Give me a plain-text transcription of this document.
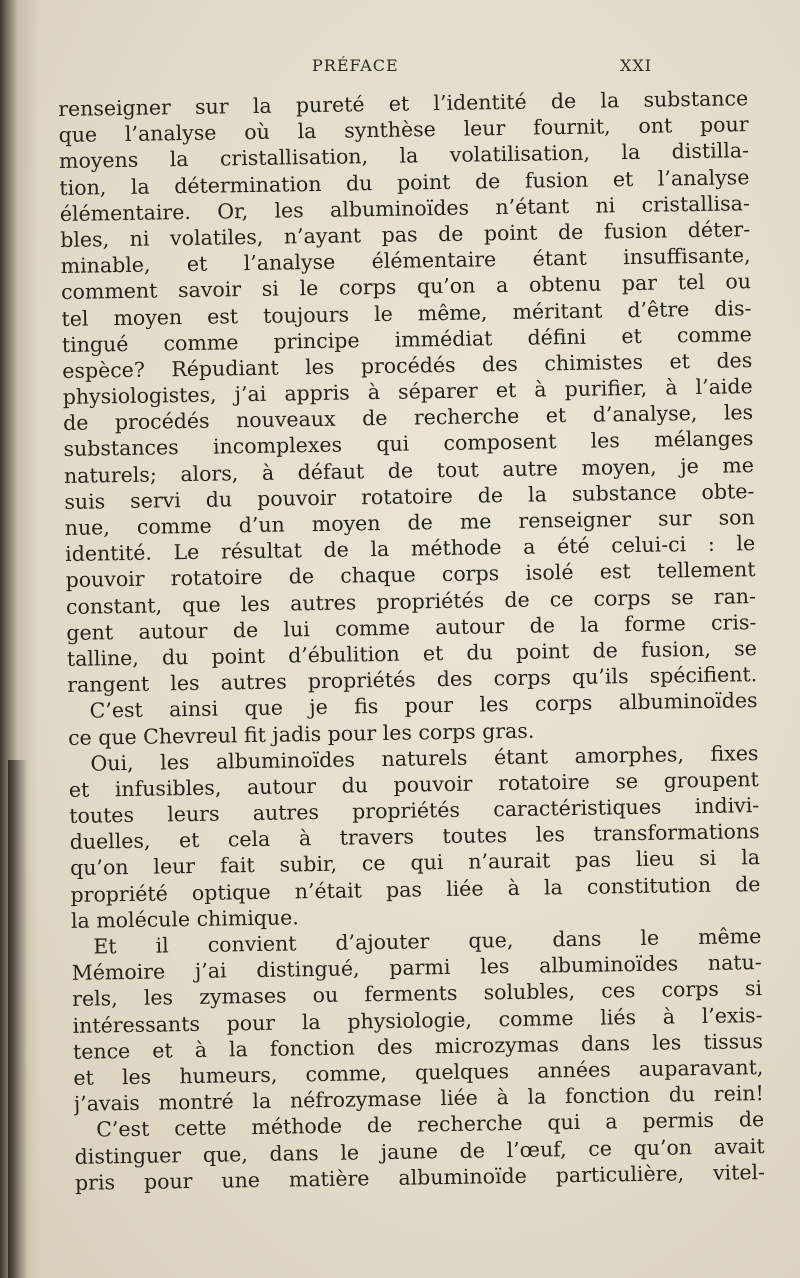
PRÉFACE	XXI
renseigner sur la pureté et l’identité de la substance
que l’analyse où la synthèse leur fournit, ont pour
moyens la cristallisation, la volatilisation, la distilla-
tion, la détermination du point de fusion et l’analyse
élémentaire. Or, les albuminoïdes n’étant ni cristallisa-
bles, ni volatiles, n’ayant pas de point de fusion déter-
minable, et l’analyse élémentaire étant insuffisante,
comment savoir si le corps qu’on a obtenu par tel ou
tel moyen est toujours le même, méritant d’être dis-
tingué comme principe immédiat défini et comme
espèce? Répudiant les procédés des chimistes et des
physiologistes, j’ai appris à séparer et à purifier, à l’aide
de procédés nouveaux de recherche et d’analyse, les
substances incomplexes qui composent les mélanges
naturels; alors, à défaut de tout autre moyen, je me
suis servi du pouvoir rotatoire de la substance obte-
nue, comme d’un moyen de me renseigner sur son
identité. Le résultat de la méthode a été celui-ci : le
pouvoir rotatoire de chaque corps isolé est tellement
constant, que les autres propriétés de ce corps se ran-
gent autour de lui comme autour de la forme cris-
talline, du point d’ébulition et du point de fusion, se
rangent les autres propriétés des corps qu’ils spécifient.
C’est ainsi que je fis pour les corps albuminoïdes
ce que Chevreul fit jadis pour les corps gras.
Oui, les albuminoïdes naturels étant amorphes, fixes
et infusibles, autour du pouvoir rotatoire se groupent
toutes leurs autres propriétés caractéristiques indivi-
duelles, et cela à travers toutes les transformations
qu’on leur fait subir, ce qui n’aurait pas lieu si la
propriété optique n’était pas liée à la constitution de
la molécule chimique.
Et il convient d’ajouter que, dans le même
Mémoire j’ai distingué, parmi les albuminoïdes natu-
rels, les zymases ou ferments solubles, ces corps si
intéressants pour la physiologie, comme liés à l’exis-
tence et à la fonction des microzymas dans les tissus
et les humeurs, comme, quelques années auparavant,
j’avais montré la néfrozymase liée à la fonction du rein!
C’est cette méthode de recherche qui a permis de
distinguer que, dans le jaune de l’œuf, ce qu’on avait
pris pour une matière albuminoïde particulière, vitel-
